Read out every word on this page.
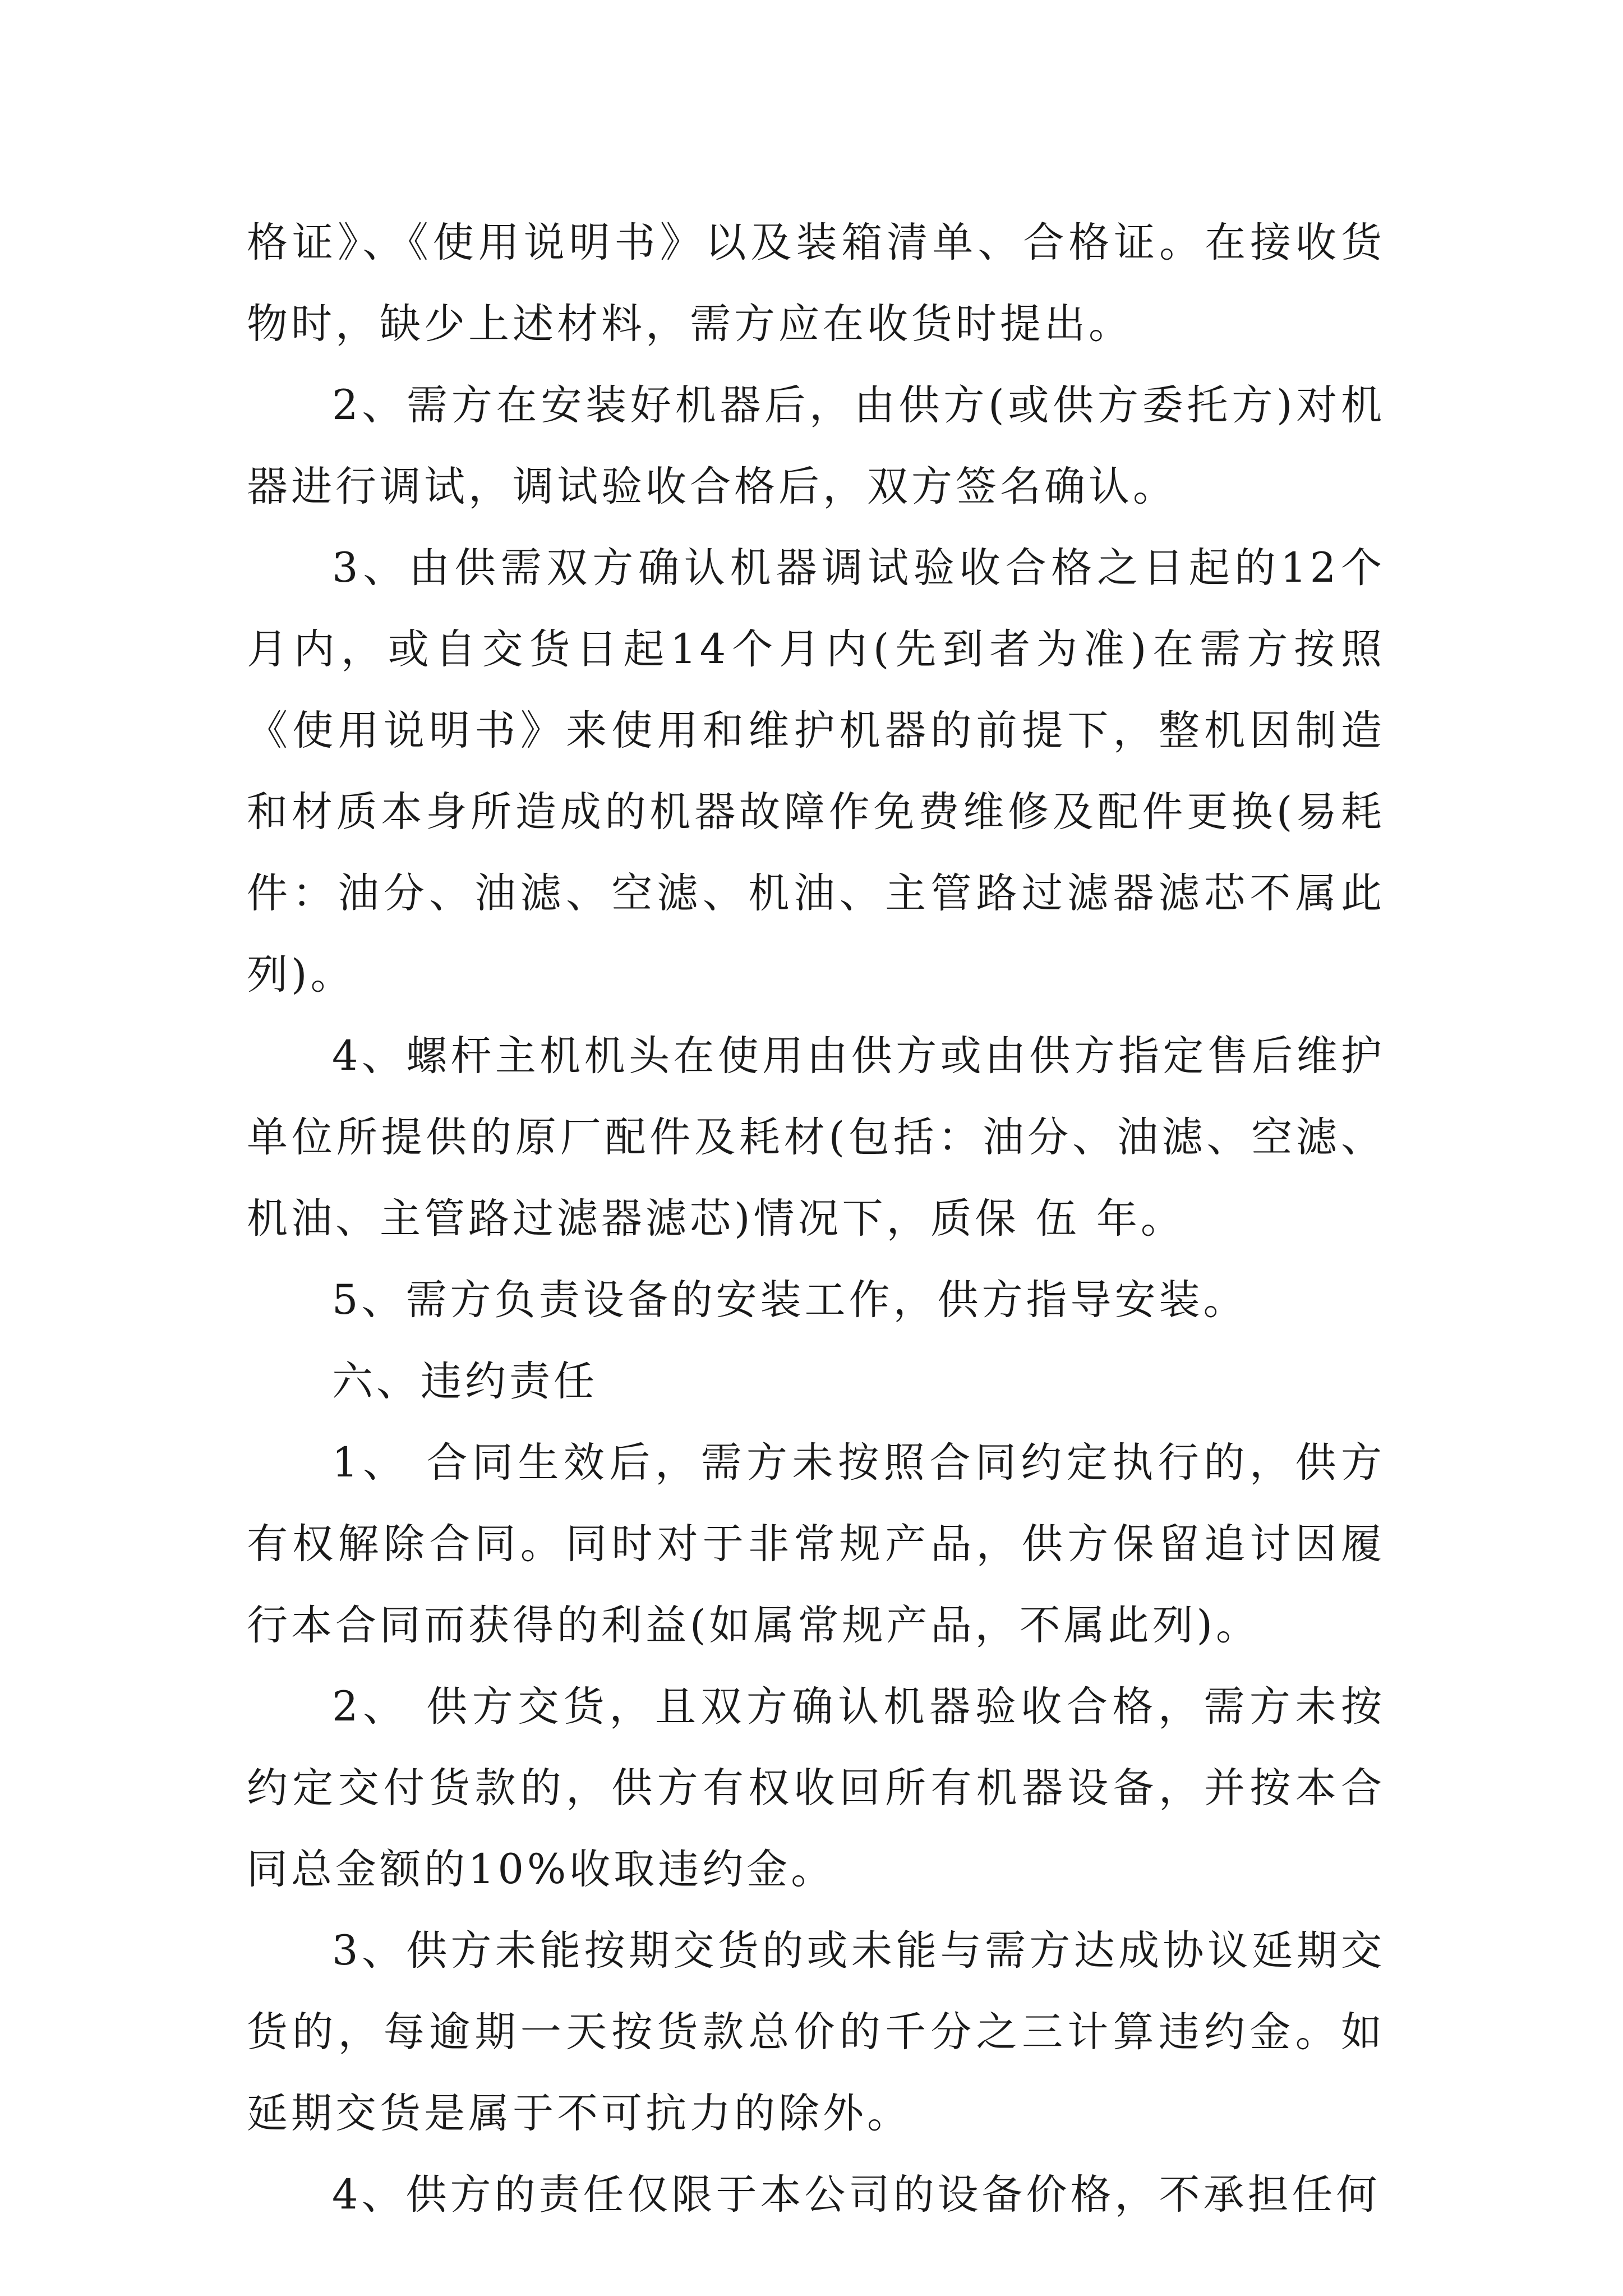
格证》、《使用说明书》以及装箱清单、合格证。在接收货物时，缺少上述材料，需方应在收货时提出。

2、需方在安装好机器后，由供方(或供方委托方)对机器进行调试，调试验收合格后，双方签名确认。

3、由供需双方确认机器调试验收合格之日起的12个月内，或自交货日起14个月内(先到者为准)在需方按照《使用说明书》来使用和维护机器的前提下，整机因制造和材质本身所造成的机器故障作免费维修及配件更换(易耗件：油分、油滤、空滤、机油、主管路过滤器滤芯不属此列)。

4、螺杆主机机头在使用由供方或由供方指定售后维护单位所提供的原厂配件及耗材(包括：油分、油滤、空滤、机油、主管路过滤器滤芯)情况下，质保 伍 年。

5、需方负责设备的安装工作，供方指导安装。

六、违约责任

1、 合同生效后，需方未按照合同约定执行的，供方有权解除合同。同时对于非常规产品，供方保留追讨因履行本合同而获得的利益(如属常规产品，不属此列)。

2、 供方交货，且双方确认机器验收合格，需方未按约定交付货款的，供方有权收回所有机器设备，并按本合同总金额的10%收取违约金。

3、供方未能按期交货的或未能与需方达成协议延期交货的，每逾期一天按货款总价的千分之三计算违约金。如延期交货是属于不可抗力的除外。

4、供方的责任仅限于本公司的设备价格，不承担任何
